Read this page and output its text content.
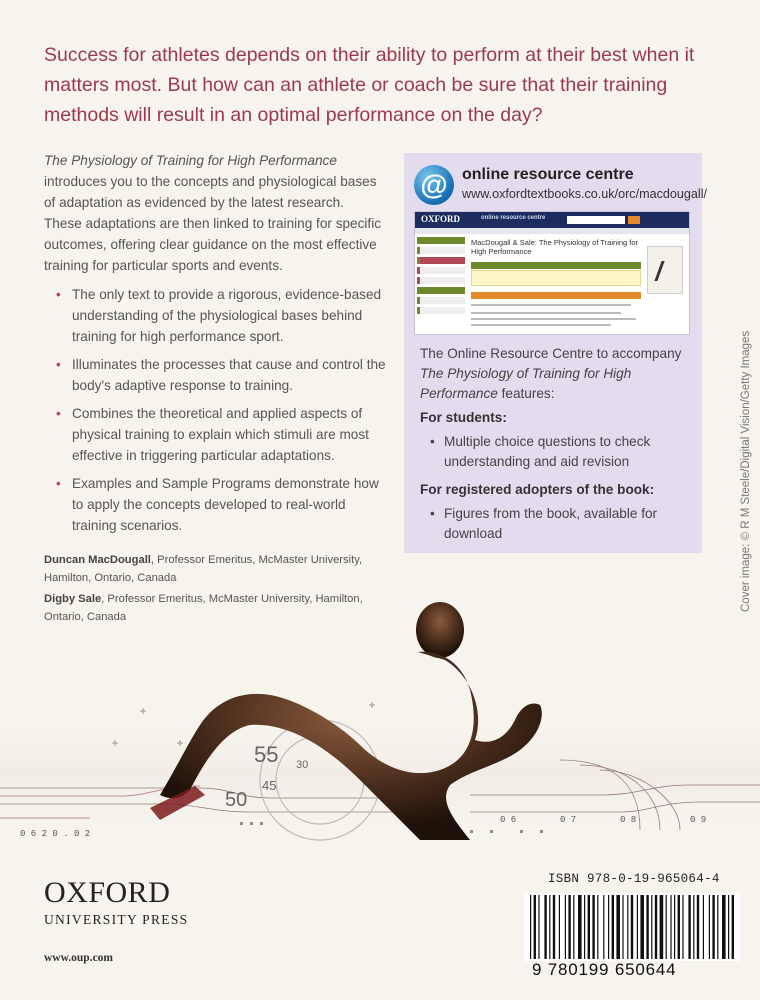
Success for athletes depends on their ability to perform at their best when it matters most. But how can an athlete or coach be sure that their training methods will result in an optimal performance on the day?

The Physiology of Training for High Performance introduces you to the concepts and physiological bases of adaptation as evidenced by the latest research. These adaptations are then linked to training for specific outcomes, offering clear guidance on the most effective training for particular sports and events.

• The only text to provide a rigorous, evidence-based understanding of the physiological bases behind training for high performance sport.
• Illuminates the processes that cause and control the body's adaptive response to training.
• Combines the theoretical and applied aspects of physical training to explain which stimuli are most effective in triggering particular adaptations.
• Examples and Sample Programs demonstrate how to apply the concepts developed to real-world training scenarios.

Duncan MacDougall, Professor Emeritus, McMaster University, Hamilton, Ontario, Canada

Digby Sale, Professor Emeritus, McMaster University, Hamilton, Ontario, Canada

@ online resource centre
www.oxfordtextbooks.co.uk/orc/macdougall/
OXFORD	online resource centre
MacDougall & Sale: The Physiology of Training for High Performance

The Online Resource Centre to accompany The Physiology of Training for High Performance features:

For students:
• Multiple choice questions to check understanding and aid revision
For registered adopters of the book:
• Figures from the book, available for download	Cover image: © R M Steele/Digital Vision/Getty Images
0 6 2 0 . 0 2
0 6	0 7	0 8	0 9
55
50
45
30
OXFORD
UNIVERSITY PRESS
www.oup.com
ISBN 978-0-19-965064-4
9 780199 650644
